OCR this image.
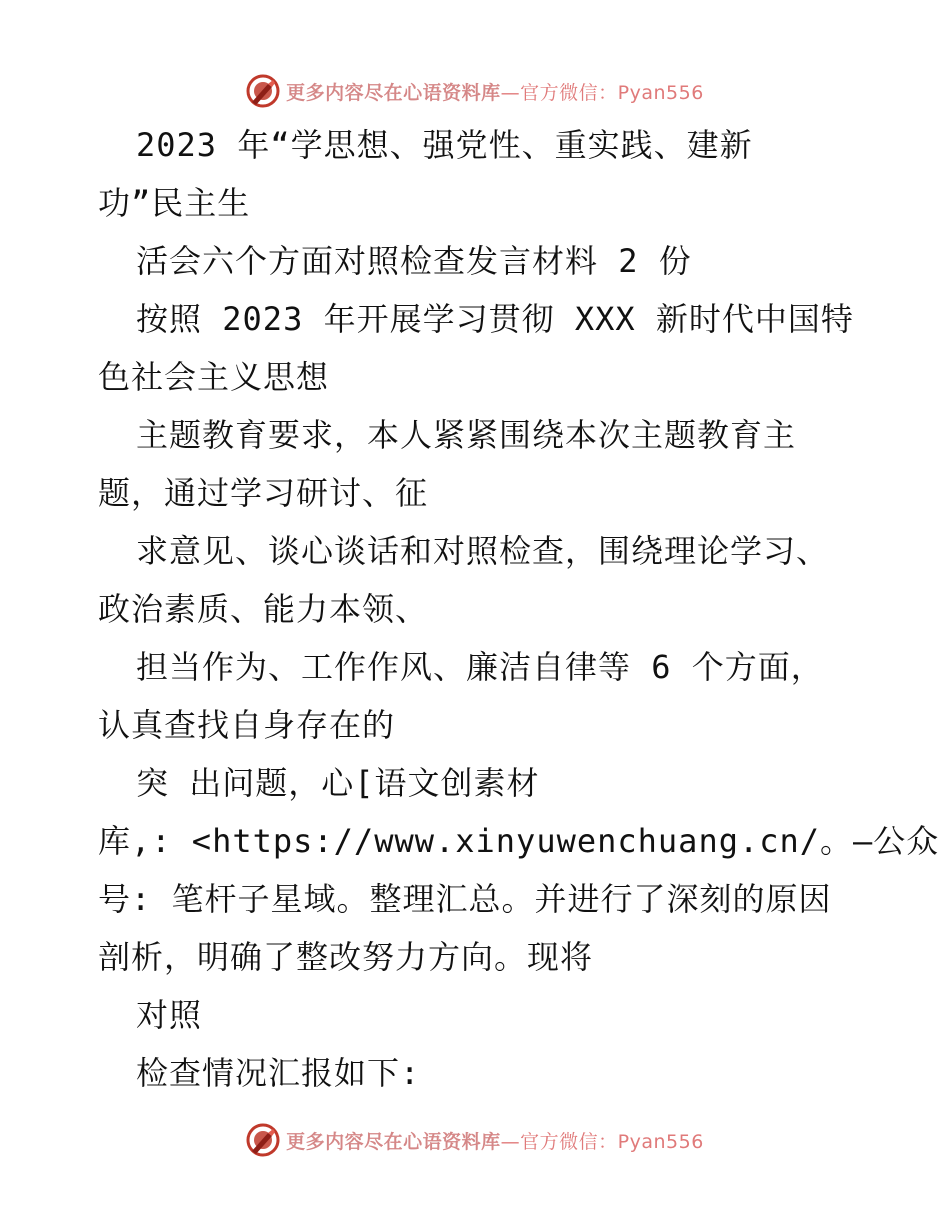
更多内容尽在心语资料库—官方微信：Pyan556
2023 年“学思想、强党性、重实践、建新
功”民主生
活会六个方面对照检查发言材料 2 份
按照 2023 年开展学习贯彻 XXX 新时代中国特
色社会主义思想
主题教育要求，本人紧紧围绕本次主题教育主
题，通过学习研讨、征
求意见、谈心谈话和对照检查，围绕理论学习、
政治素质、能力本领、
担当作为、工作作风、廉洁自律等 6 个方面，
认真查找自身存在的
突 出问题，心[语文创素材
库,: <https://www.xinyuwenchuang.cn/。—公众
号: 笔杆子星域。整理汇总。并进行了深刻的原因
剖析，明确了整改努力方向。现将
对照
检查情况汇报如下:
更多内容尽在心语资料库—官方微信：Pyan556
